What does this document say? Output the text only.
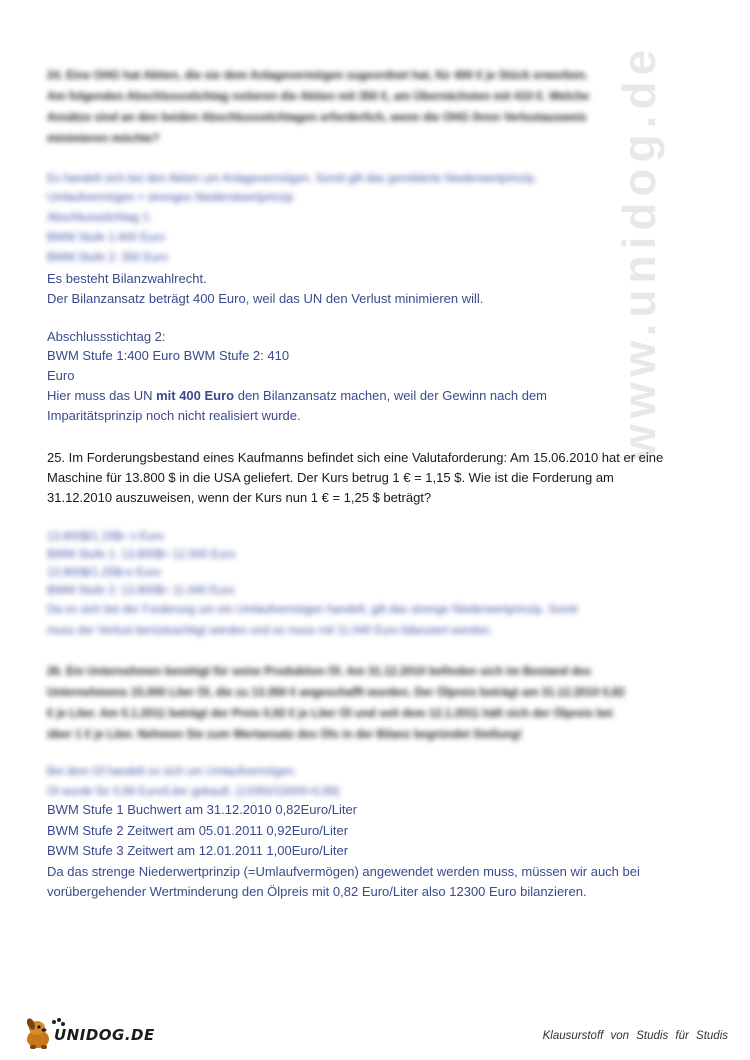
www.unidog.de
24. Eine OHG hat Aktien, die sie dem Anlagevermögen zugeordnet hat, für 400 € je Stück erworben.
Am folgenden Abschlussstichtag notieren die Aktien mit 350 €, am Übernächsten mit 410 €. Welche
Ansätze sind an den beiden Abschlussstichtagen erforderlich, wenn die OHG ihren Verlustausweis
minimieren möchte?
Es handelt sich bei den Aktien um Anlagevermögen. Somit gilt das gemilderte Niederwertprinzip.
Umlaufvermögen = strenges Niederstwertprinzip
Abschlussstichtag 1:
BWM Stufe 1:400 Euro
BWM Stufe 2: 350 Euro
Es besteht Bilanzwahlrecht.
Der Bilanzansatz beträgt 400 Euro, weil das UN den Verlust minimieren will.
Abschlussstichtag 2:
BWM Stufe 1:400 Euro BWM Stufe 2: 410
Euro
Hier muss das UN mit 400 Euro den Bilanzansatz machen, weil der Gewinn nach dem
Imparitätsprinzip noch nicht realisiert wurde.
25. Im Forderungsbestand eines Kaufmanns befindet sich eine Valutaforderung: Am 15.06.2010 hat er eine
Maschine für 13.800 $ in die USA geliefert. Der Kurs betrug 1 € = 1,15 $. Wie ist die Forderung am
31.12.2010 auszuweisen, wenn der Kurs nun 1 € = 1,25 $ beträgt?
13.800$/1.15$= x Euro
BWM Stufe 1: 13.800$= 12.000 Euro
13.800$/1.25$=x Euro
BWM Stufe 2: 13.800$= 11.040 Euro
Da es sich bei der Forderung um ein Umlaufvermögen handelt, gilt das strenge Niederwertprinzip. Somit
muss der Verlust berücksichtigt werden und es muss mit 11.040 Euro bilanziert werden.
26. Ein Unternehmen benötigt für seine Produktion Öl. Am 31.12.2010 befinden sich im Bestand des
Unternehmens 15.000 Liter Öl, die zu 13.350 € angeschafft wurden. Der Ölpreis beträgt am 31.12.2010 0,82
€ je Liter. Am 5.1.2011 beträgt der Preis 0,92 € je Liter Öl und seit dem 12.1.2011 hält sich der Ölpreis bei
über 1 € je Liter. Nehmen Sie zum Wertansatz des Öls in der Bilanz begründet Stellung!
Bei dem Öl handelt es sich um Umlaufvermögen.
Öl wurde für 0,89 Euro/Liter gekauft. (13350/15000=0,89)
BWM Stufe 1 Buchwert am 31.12.2010 0,82Euro/Liter
BWM Stufe 2 Zeitwert am 05.01.2011 0,92Euro/Liter
BWM Stufe 3 Zeitwert am 12.01.2011 1,00Euro/Liter
Da das strenge Niederwertprinzip (=Umlaufvermögen) angewendet werden muss, müssen wir auch bei
vorübergehender Wertminderung den Ölpreis mit 0,82 Euro/Liter also 12300 Euro bilanzieren.
UNIDOG.DE	Klausurstoff von Studis für Studis
